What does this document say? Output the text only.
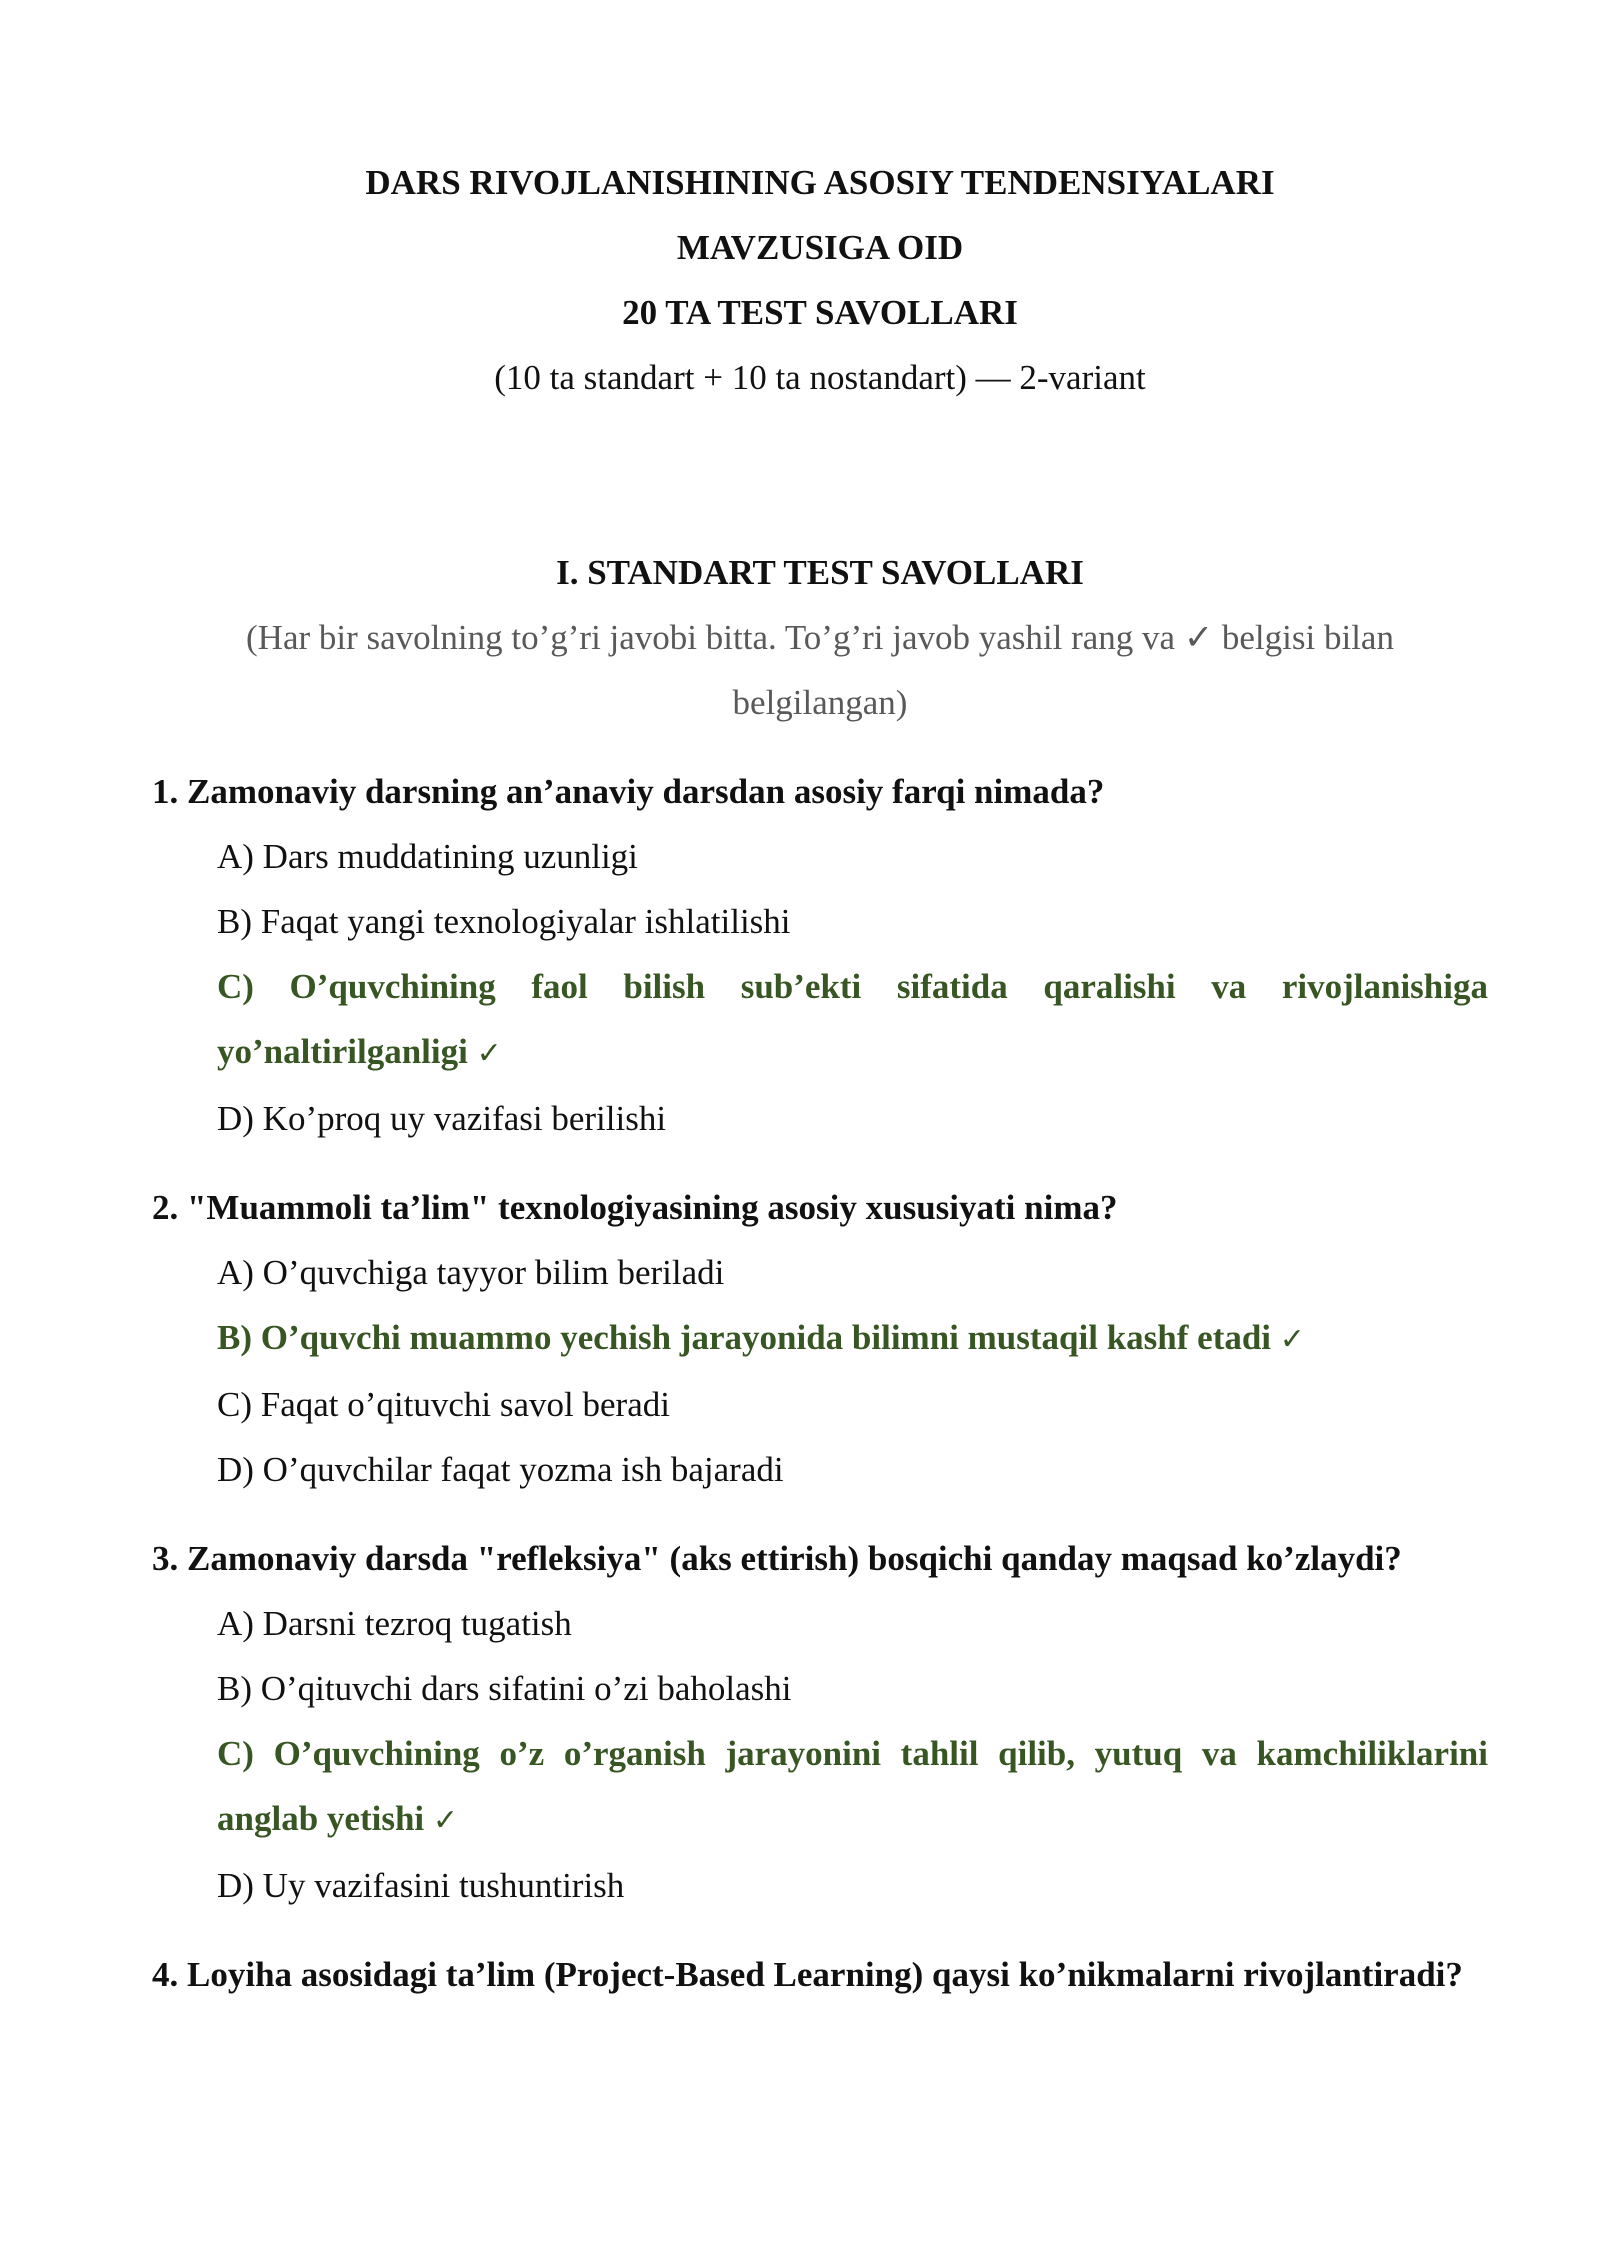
DARS RIVOJLANISHINING ASOSIY TENDENSIYALARI
MAVZUSIGA OID
20 TA TEST SAVOLLARI
(10 ta standart + 10 ta nostandart) — 2-variant
I. STANDART TEST SAVOLLARI
(Har bir savolning to’g’ri javobi bitta. To’g’ri javob yashil rang va ✓ belgisi bilan belgilangan)
1. Zamonaviy darsning an’anaviy darsdan asosiy farqi nimada?
A) Dars muddatining uzunligi
B) Faqat yangi texnologiyalar ishlatilishi
C) O’quvchining faol bilish sub’ekti sifatida qaralishi va rivojlanishiga yo’naltirilganligi ✓
D) Ko’proq uy vazifasi berilishi
2. "Muammoli ta’lim" texnologiyasining asosiy xususiyati nima?
A) O’quvchiga tayyor bilim beriladi
B) O’quvchi muammo yechish jarayonida bilimni mustaqil kashf etadi ✓
C) Faqat o’qituvchi savol beradi
D) O’quvchilar faqat yozma ish bajaradi
3. Zamonaviy darsda "refleksiya" (aks ettirish) bosqichi qanday maqsad ko’zlaydi?
A) Darsni tezroq tugatish
B) O’qituvchi dars sifatini o’zi baholashi
C) O’quvchining o’z o’rganish jarayonini tahlil qilib, yutuq va kamchiliklarini anglab yetishi ✓
D) Uy vazifasini tushuntirish
4. Loyiha asosidagi ta’lim (Project-Based Learning) qaysi ko’nikmalarni rivojlantiradi?
